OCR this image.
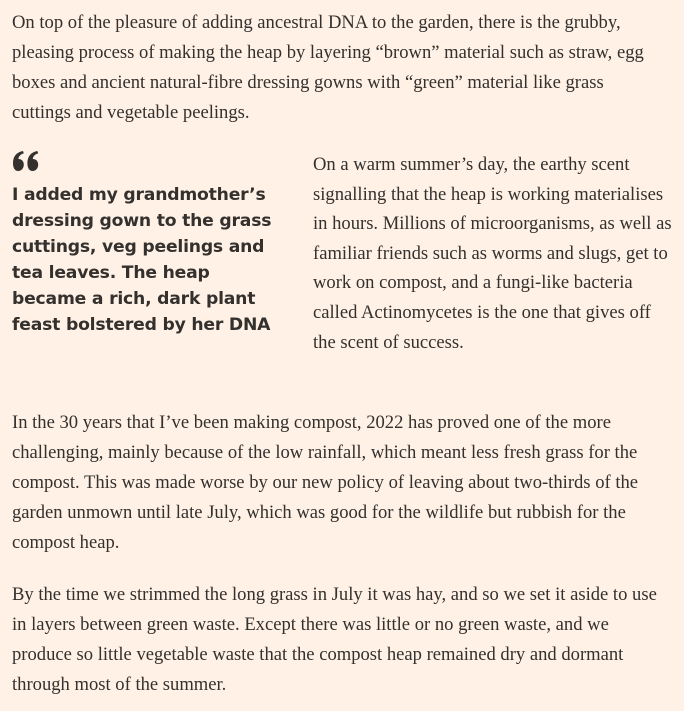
On top of the pleasure of adding ancestral DNA to the garden, there is the grubby, pleasing process of making the heap by layering “brown” material such as straw, egg boxes and ancient natural-fibre dressing gowns with “green” material like grass cuttings and vegetable peelings.

I added my grandmother’s dressing gown to the grass cuttings, veg peelings and tea leaves. The heap became a rich, dark plant feast bolstered by her DNA

On a warm summer’s day, the earthy scent signalling that the heap is working materialises in hours. Millions of microorganisms, as well as familiar friends such as worms and slugs, get to work on compost, and a fungi-like bacteria called Actinomycetes is the one that gives off the scent of success.

In the 30 years that I’ve been making compost, 2022 has proved one of the more challenging, mainly because of the low rainfall, which meant less fresh grass for the compost. This was made worse by our new policy of leaving about two-thirds of the garden unmown until late July, which was good for the wildlife but rubbish for the compost heap.

By the time we strimmed the long grass in July it was hay, and so we set it aside to use in layers between green waste. Except there was little or no green waste, and we produce so little vegetable waste that the compost heap remained dry and dormant through most of the summer.
